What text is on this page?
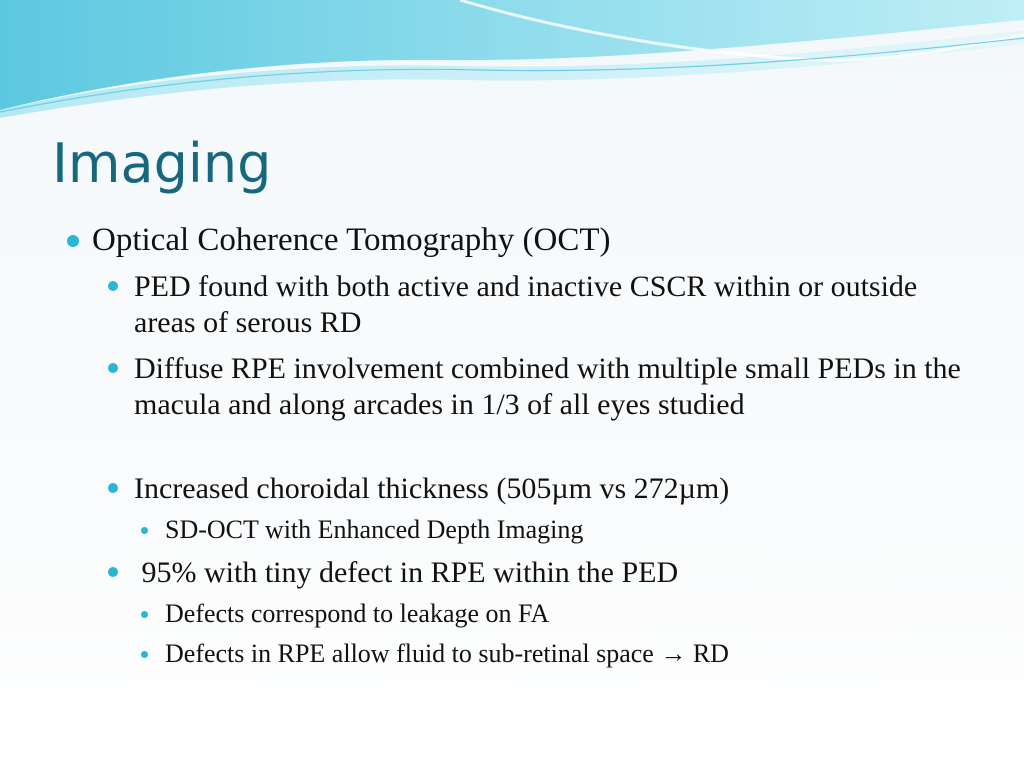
Imaging
Optical Coherence Tomography (OCT)
PED found with both active and inactive CSCR within or outside areas of serous RD
Diffuse RPE involvement combined with multiple small PEDs in the macula and along arcades in 1/3 of all eyes studied
Increased choroidal thickness (505µm vs 272µm)
SD-OCT with Enhanced Depth Imaging
95% with tiny defect in RPE within the PED
Defects correspond to leakage on FA
Defects in RPE allow fluid to sub-retinal space → RD
